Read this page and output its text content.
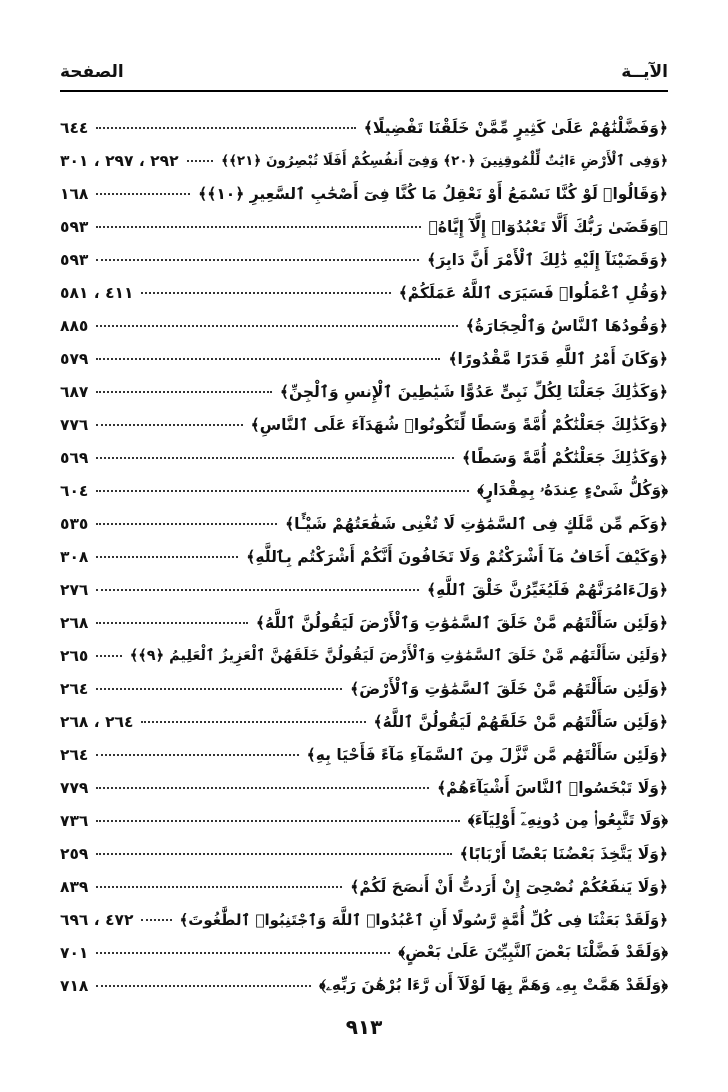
الآيــة
الصفحة
﴿وَفَضَّلْنَٰهُمْ عَلَىٰ كَثِيرٍ مِّمَّنْ خَلَقْنَا تَفْضِيلًا﴾
٦٤٤
﴿وَفِى ٱلْأَرْضِ ءَايَٰتٌ لِّلْمُوقِنِينَ ﴿٢٠﴾ وَفِىٓ أَنفُسِكُمْ أَفَلَا تُبْصِرُونَ ﴿٢١﴾﴾
٢٩٢ ، ٢٩٧ ، ٣٠١
﴿وَقَالُوا۟ لَوْ كُنَّا نَسْمَعُ أَوْ نَعْقِلُ مَا كُنَّا فِىٓ أَصْحَٰبِ ٱلسَّعِيرِ ﴿١٠﴾﴾
١٦٨
﴿وَقَضَىٰ رَبُّكَ أَلَّا تَعْبُدُوٓا۟ إِلَّآ إِيَّاهُ﴾
٥٩٣
﴿وَقَضَيْنَآ إِلَيْهِ ذَٰلِكَ ٱلْأَمْرَ أَنَّ دَابِرَ﴾
٥٩٣
﴿وَقُلِ ٱعْمَلُوا۟ فَسَيَرَى ٱللَّهُ عَمَلَكُمْ﴾
٤١١ ، ٥٨١
﴿وَقُودُهَا ٱلنَّاسُ وَٱلْحِجَارَةُ﴾
٨٨٥
﴿وَكَانَ أَمْرُ ٱللَّهِ قَدَرًا مَّقْدُورًا﴾
٥٧٩
﴿وَكَذَٰلِكَ جَعَلْنَا لِكُلِّ نَبِىٍّ عَدُوًّا شَيَٰطِينَ ٱلْإِنسِ وَٱلْجِنِّ﴾
٦٨٧
﴿وَكَذَٰلِكَ جَعَلْنَٰكُمْ أُمَّةً وَسَطًا لِّتَكُونُوا۟ شُهَدَآءَ عَلَى ٱلنَّاسِ﴾
٧٧٦
﴿وَكَذَٰلِكَ جَعَلْنَٰكُمْ أُمَّةً وَسَطًا﴾
٥٦٩
﴿وَكُلُّ شَىْءٍ عِندَهُۥ بِمِقْدَارٍ﴾
٦٠٤
﴿وَكَم مِّن مَّلَكٍ فِى ٱلسَّمَٰوَٰتِ لَا تُغْنِى شَفَٰعَتُهُمْ شَيْـًٔا﴾
٥٣٥
﴿وَكَيْفَ أَخَافُ مَآ أَشْرَكْتُمْ وَلَا تَخَافُونَ أَنَّكُمْ أَشْرَكْتُم بِٱللَّهِ﴾
٣٠٨
﴿وَلَءَامُرَنَّهُمْ فَلَيُغَيِّرُنَّ خَلْقَ ٱللَّهِ﴾
٢٧٦
﴿وَلَئِن سَأَلْتَهُم مَّنْ خَلَقَ ٱلسَّمَٰوَٰتِ وَٱلْأَرْضَ لَيَقُولُنَّ ٱللَّهُ﴾
٢٦٨
﴿وَلَئِن سَأَلْتَهُم مَّنْ خَلَقَ ٱلسَّمَٰوَٰتِ وَٱلْأَرْضَ لَيَقُولُنَّ خَلَقَهُنَّ ٱلْعَزِيزُ ٱلْعَلِيمُ ﴿٩﴾﴾
٢٦٥
﴿وَلَئِن سَأَلْتَهُم مَّنْ خَلَقَ ٱلسَّمَٰوَٰتِ وَٱلْأَرْضَ﴾
٢٦٤
﴿وَلَئِن سَأَلْتَهُم مَّنْ خَلَقَهُمْ لَيَقُولُنَّ ٱللَّهُ﴾
٢٦٤ ، ٢٦٨
﴿وَلَئِن سَأَلْتَهُم مَّن نَّزَّلَ مِنَ ٱلسَّمَآءِ مَآءً فَأَحْيَا بِهِ﴾
٢٦٤
﴿وَلَا تَبْخَسُوا۟ ٱلنَّاسَ أَشْيَآءَهُمْ﴾
٧٧٩
﴿وَلَا تَتَّبِعُوا۟ مِن دُونِهِۦٓ أَوْلِيَآءَ﴾
٧٣٦
﴿وَلَا يَتَّخِذَ بَعْضُنَا بَعْضًا أَرْبَابًا﴾
٢٥٩
﴿وَلَا يَنفَعُكُمْ نُصْحِىٓ إِنْ أَرَدتُّ أَنْ أَنصَحَ لَكُمْ﴾
٨٣٩
﴿وَلَقَدْ بَعَثْنَا فِى كُلِّ أُمَّةٍ رَّسُولًا أَنِ ٱعْبُدُوا۟ ٱللَّهَ وَٱجْتَنِبُوا۟ ٱلطَّٰغُوتَ﴾
٤٧٢ ، ٦٩٦
﴿وَلَقَدْ فَضَّلْنَا بَعْضَ ٱلنَّبِيِّـۧنَ عَلَىٰ بَعْضٍ﴾
٧٠١
﴿وَلَقَدْ هَمَّتْ بِهِۦ وَهَمَّ بِهَا لَوْلَآ أَن رَّءَا بُرْهَٰنَ رَبِّهِۦ﴾
٧١٨
٩١٣
